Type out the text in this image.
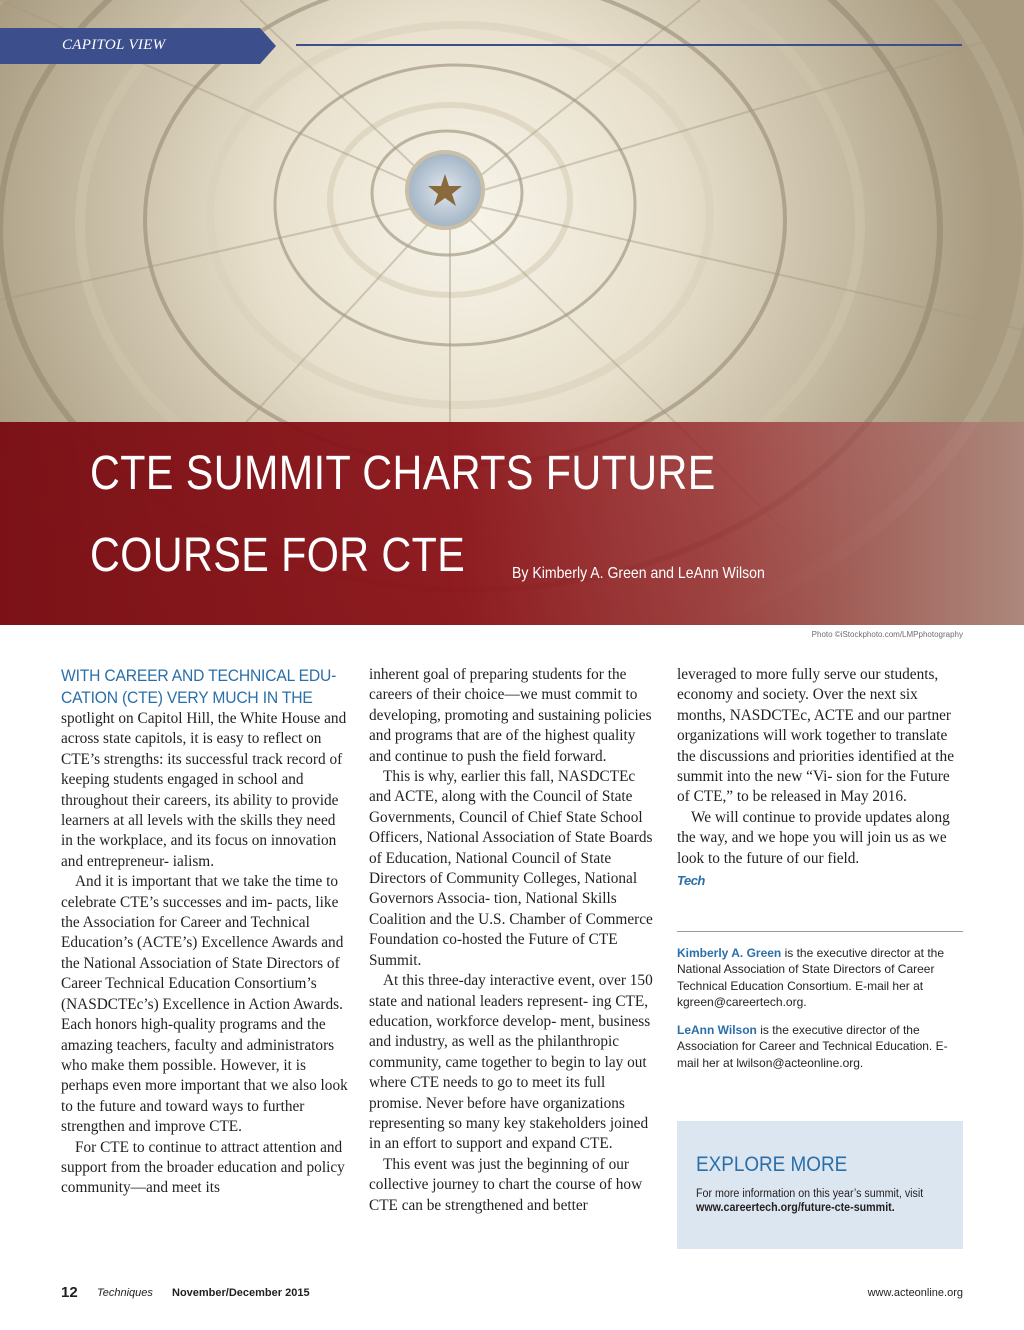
CAPITOL VIEW
CTE SUMMIT CHARTS FUTURE
COURSE FOR CTE	By Kimberly A. Green and LeAnn Wilson
Photo ©iStockphoto.com/LMPphotography
WITH CAREER AND TECHNICAL EDU- CATION (CTE) VERY MUCH IN THE

spotlight on Capitol Hill, the White House and across state capitols, it is easy to reflect on CTE’s strengths: its successful track record of keeping students engaged in school and throughout their careers, its ability to provide learners at all levels with the skills they need in the workplace, and its focus on innovation and entrepreneur- ialism.

And it is important that we take the time to celebrate CTE’s successes and im- pacts, like the Association for Career and Technical Education’s (ACTE’s) Excellence Awards and the National Association of State Directors of Career Technical Education Consortium’s (NASDCTEc’s) Excellence in Action Awards. Each honors high-quality programs and the amazing teachers, faculty and administrators who make them possible. However, it is perhaps even more important that we also look to the future and toward ways to further strengthen and improve CTE.

For CTE to continue to attract attention and support from the broader education and policy community—and meet its

inherent goal of preparing students for the careers of their choice—we must commit to developing, promoting and sustaining policies and programs that are of the highest quality and continue to push the field forward.

This is why, earlier this fall, NASDCTEc and ACTE, along with the Council of State Governments, Council of Chief State School Officers, National Association of State Boards of Education, National Council of State Directors of Community Colleges, National Governors Associa- tion, National Skills Coalition and the U.S. Chamber of Commerce Foundation co-hosted the Future of CTE Summit.

At this three-day interactive event, over 150 state and national leaders represent- ing CTE, education, workforce develop- ment, business and industry, as well as the philanthropic community, came together to begin to lay out where CTE needs to go to meet its full promise. Never before have organizations representing so many key stakeholders joined in an effort to support and expand CTE.

This event was just the beginning of our collective journey to chart the course of how CTE can be strengthened and better

leveraged to more fully serve our students, economy and society. Over the next six months, NASDCTEc, ACTE and our partner organizations will work together to translate the discussions and priorities identified at the summit into the new “Vi- sion for the Future of CTE,” to be released in May 2016.

We will continue to provide updates along the way, and we hope you will join us as we look to the future of our field.

Tech
Kimberly A. Green is the executive director at the National Association of State Directors of Career Technical Education Consortium. E-mail her at kgreen@careertech.org.
LeAnn Wilson is the executive director of the Association for Career and Technical Education. E-mail her at lwilson@acteonline.org.
EXPLORE MORE
For more information on this year’s summit, visit
www.careertech.org/future-cte-summit.
12 Techniques November/December 2015	www.acteonline.org
